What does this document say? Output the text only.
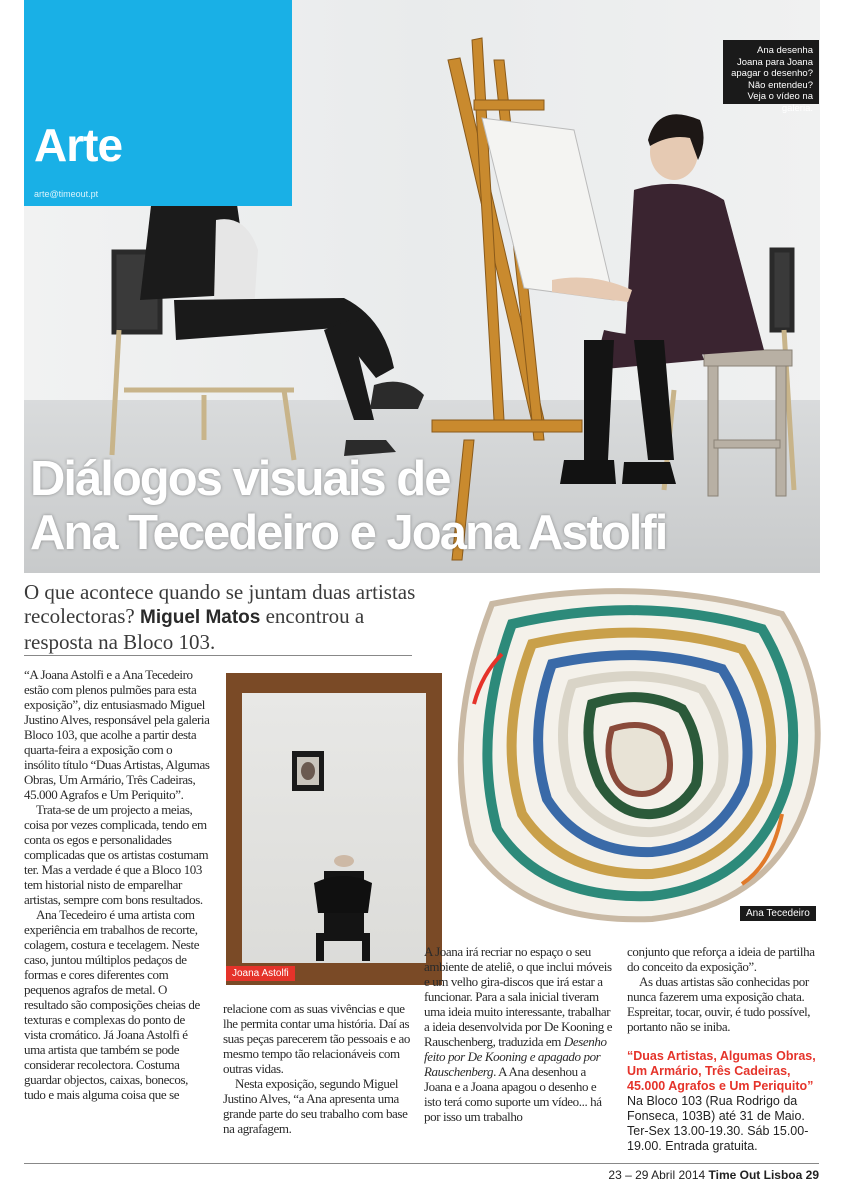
Arte
arte@timeout.pt
Ana desenha Joana para Joana apagar o desenho? Não entendeu? Veja o vídeo na galeria.
Diálogos visuais de
Ana Tecedeiro e Joana Astolfi
O que acontece quando se juntam duas artistas recolectoras? Miguel Matos encontrou a resposta na Bloco 103.

“A Joana Astolfi e a Ana Tecedeiro estão com plenos pulmões para esta exposição”, diz entusiasmado Miguel Justino Alves, responsável pela galeria Bloco 103, que acolhe a partir desta quarta-feira a exposição com o insólito título “Duas Artistas, Algumas Obras, Um Armário, Três Cadeiras, 45.000 Agrafos e Um Periquito”.

Trata-se de um projecto a meias, coisa por vezes complicada, tendo em conta os egos e personalidades complicadas que os artistas costumam ter. Mas a verdade é que a Bloco 103 tem historial nisto de emparelhar artistas, sempre com bons resultados.

Ana Tecedeiro é uma artista com experiência em trabalhos de recorte, colagem, costura e tecelagem. Neste caso, juntou múltiplos pedaços de formas e cores diferentes com pequenos agrafos de metal. O resultado são composições cheias de texturas e complexas do ponto de vista cromático. Já Joana Astolfi é uma artista que também se pode considerar recolectora. Costuma guardar objectos, caixas, bonecos, tudo e mais alguma coisa que se

Joana Astolfi
Ana Tecedeiro

relacione com as suas vivências e que lhe permita contar uma história. Daí as suas peças parecerem tão pessoais e ao mesmo tempo tão relacionáveis com outras vidas.

Nesta exposição, segundo Miguel Justino Alves, “a Ana apresenta uma grande parte do seu trabalho com base na agrafagem.

A Joana irá recriar no espaço o seu ambiente de ateliê, o que inclui móveis e um velho gira-discos que irá estar a funcionar. Para a sala inicial tiveram uma ideia muito interessante, trabalhar a ideia desenvolvida por De Kooning e Rauschenberg, traduzida em Desenho feito por De Kooning e apagado por Rauschenberg. A Ana desenhou a Joana e a Joana apagou o desenho e isto terá como suporte um vídeo... há por isso um trabalho

conjunto que reforça a ideia de partilha do conceito da exposição”.

As duas artistas são conhecidas por nunca fazerem uma exposição chata. Espreitar, tocar, ouvir, é tudo possível, portanto não se iniba.

“Duas Artistas, Algumas Obras, Um Armário, Três Cadeiras, 45.000 Agrafos e Um Periquito”
Na Bloco 103 (Rua Rodrigo da Fonseca, 103B) até 31 de Maio. Ter-Sex 13.00-19.30. Sáb 15.00-19.00. Entrada gratuita.
23 – 29 Abril 2014 Time Out Lisboa 29
